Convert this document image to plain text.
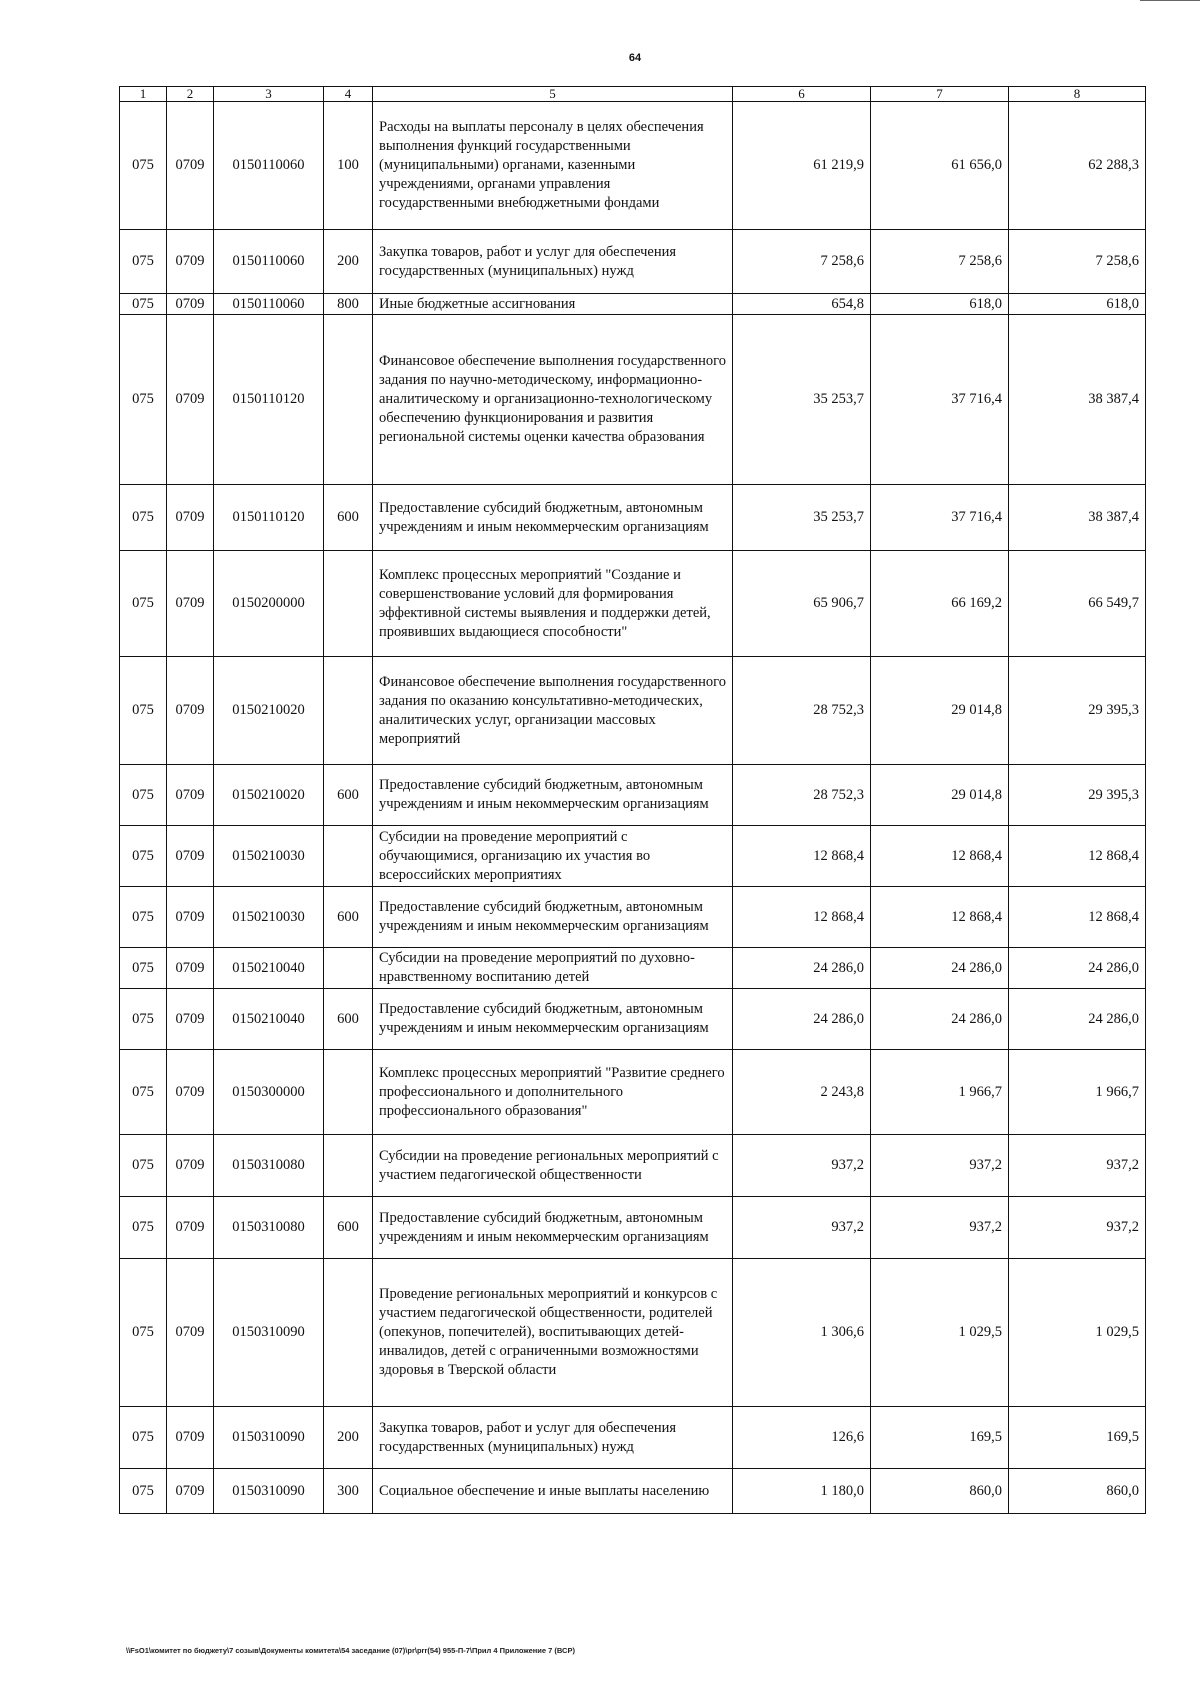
64
1	2	3	4	5	6	7	8
075	0709	0150110060	100	Расходы на выплаты персоналу в целях обеспечения выполнения функций государственными (муниципальными) органами, казенными учреждениями, органами управления государственными внебюджетными фондами	61 219,9	61 656,0	62 288,3
075	0709	0150110060	200	Закупка товаров, работ и услуг для обеспечения государственных (муниципальных) нужд	7 258,6	7 258,6	7 258,6
075	0709	0150110060	800	Иные бюджетные ассигнования	654,8	618,0	618,0
075	0709	0150110120		Финансовое обеспечение выполнения государственного задания по научно-методическому, информационно-аналитическому и организационно-технологическому обеспечению функционирования и развития региональной системы оценки качества образования	35 253,7	37 716,4	38 387,4
075	0709	0150110120	600	Предоставление субсидий бюджетным, автономным учреждениям и иным некоммерческим организациям	35 253,7	37 716,4	38 387,4
075	0709	0150200000		Комплекс процессных мероприятий "Создание и совершенствование условий для формирования эффективной системы выявления и поддержки детей, проявивших выдающиеся способности"	65 906,7	66 169,2	66 549,7
075	0709	0150210020		Финансовое обеспечение выполнения государственного задания по оказанию консультативно-методических, аналитических услуг, организации массовых мероприятий	28 752,3	29 014,8	29 395,3
075	0709	0150210020	600	Предоставление субсидий бюджетным, автономным учреждениям и иным некоммерческим организациям	28 752,3	29 014,8	29 395,3
075	0709	0150210030		Субсидии на проведение мероприятий с обучающимися, организацию их участия во всероссийских мероприятиях	12 868,4	12 868,4	12 868,4
075	0709	0150210030	600	Предоставление субсидий бюджетным, автономным учреждениям и иным некоммерческим организациям	12 868,4	12 868,4	12 868,4
075	0709	0150210040		Субсидии на проведение мероприятий по духовно-нравственному воспитанию детей	24 286,0	24 286,0	24 286,0
075	0709	0150210040	600	Предоставление субсидий бюджетным, автономным учреждениям и иным некоммерческим организациям	24 286,0	24 286,0	24 286,0
075	0709	0150300000		Комплекс процессных мероприятий "Развитие среднего профессионального и дополнительного профессионального образования"	2 243,8	1 966,7	1 966,7
075	0709	0150310080		Субсидии на проведение региональных мероприятий с участием педагогической общественности	937,2	937,2	937,2
075	0709	0150310080	600	Предоставление субсидий бюджетным, автономным учреждениям и иным некоммерческим организациям	937,2	937,2	937,2
075	0709	0150310090		Проведение региональных мероприятий и конкурсов с участием педагогической общественности, родителей (опекунов, попечителей), воспитывающих детей-инвалидов, детей с ограниченными возможностями здоровья в Тверской области	1 306,6	1 029,5	1 029,5
075	0709	0150310090	200	Закупка товаров, работ и услуг для обеспечения государственных (муниципальных) нужд	126,6	169,5	169,5
075	0709	0150310090	300	Социальное обеспечение и иные выплаты населению	1 180,0	860,0	860,0
\\FsO1\комитет по бюджету\7 созыв\Документы комитета\54 заседание (07)\pr\prr(54) 955-П-7\Прил 4 Приложение 7 (ВСР)
